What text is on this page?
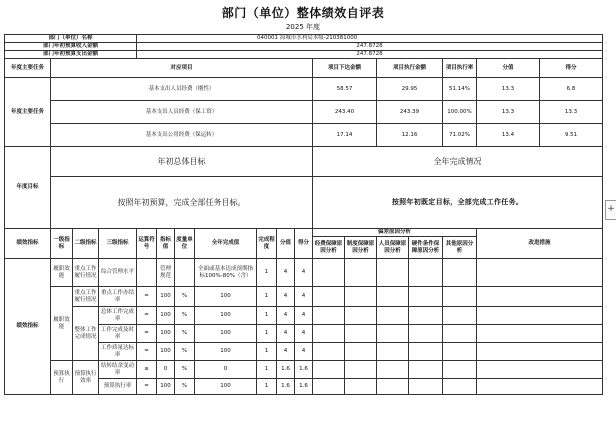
部门（单位）整体绩效自评表
2025 年度
部门（单位）名称				040001 海城市水利局本级-210381000												
部门年初预算收入金额				247.8728												
部门年初预算支出金额				247.8728												
年度主要任务	对应项目										项目下达金额		项目执行金额		项目执行率	分值 得分

年度主要任务	基本支出人员经费（刚性）										58.57		29.95		51.14%	13.3 6.8

	基本支出人员经费（保工资）										243.40		243.39		100.00%	13.3 13.3

	基本支出公用经费（保运转）										17.14		12.16		71.02%	13.4 9.51

年度目标	年初总体目标										全年完成情况					
	按照年初预算，完成全部任务目标。										按照年初既定目标，全部完成工作任务。					
绩效指标	一级指标	二级指标	三级指标	运算符号	指标值	度量单位	全年完成值	完成程度	分值	得分	偏差原因分析					改进措施
											经费保障原因分析	制度保障原因分析	人员保障原因分析	硬件条件保障原因分析	其他原因分析	
绩效指标	履职效能	重点工作履行情况	综合管理水平		管理规范		全面或基本达成预期指标100%-80%（含）	1	4	4						
	履职效能	重点工作履行情况	重点工作办结率	=	100	%	100	1	4	4						
		整体工作完成情况	总体工作完成率	=	100	%	100	1	4	4						
			工作完成及时率	=	100	%	100	1	4	4						
			工作质量达标率	=	100	%	100	1	4	4						
	预算执行	预算执行效率	结转结余变动率	≤	0	%	0	1	1.6	1.6						
			预算执行率	=	100	%	100	1	1.6	1.6						
+
